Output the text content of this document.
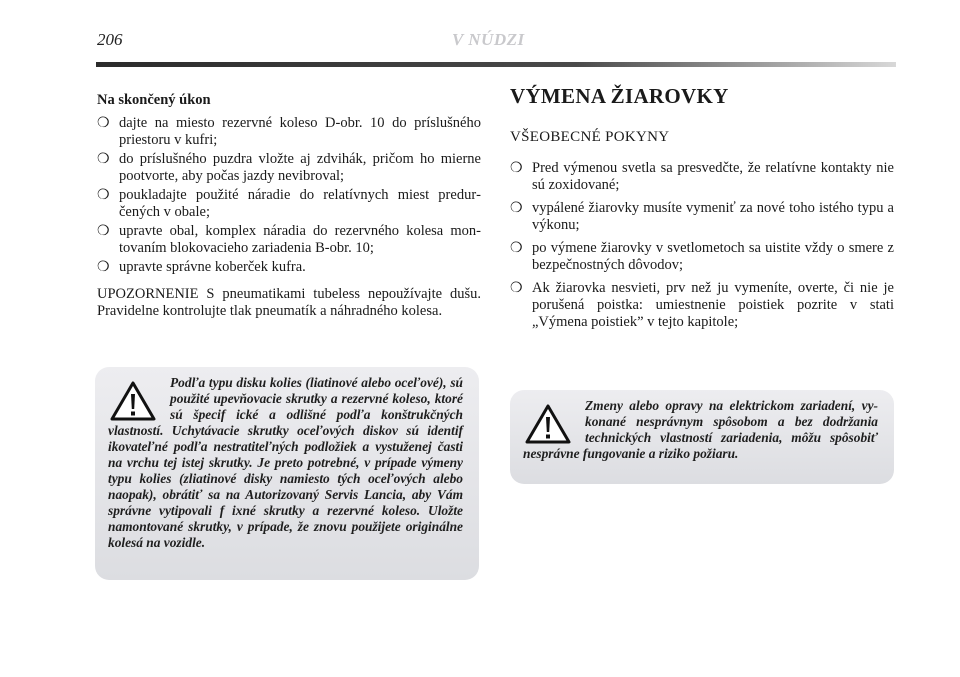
206	V NÚDZI
Na skončený úkon
❍ dajte na miesto rezervné koleso D-obr. 10 do príslušného priestoru v kufri;
❍ do príslušného puzdra vložte aj zdvihák, pričom ho mierne pootvorte, aby počas jazdy nevibroval;
❍ poukladajte použité náradie do relatívnych miest predurčených v obale;
❍ upravte obal, komplex náradia do rezervného kolesa montovaním blokovacieho zariadenia B-obr. 10;
❍ upravte správne koberček kufra.

UPOZORNENIE S pneumatikami tubeless nepoužívajte dušu. Pravidelne kontrolujte tlak pneumatík a náhradného kolesa.

Podľa typu disku kolies (liatinové alebo oceľové), sú použité upevňovacie skrutky a rezervné koleso, ktoré sú špecif ické a odlišné podľa konštrukčných vlastností. Uchytávacie skrutky oceľových diskov sú identif ikovateľné podľa nestratiteľných podložiek a vystuženej časti na vrchu tej istej skrutky. Je preto potrebné, v prípade výmeny typu kolies (zliatinové disky namiesto tých oceľových alebo naopak), obrátiť sa na Autorizovaný Servis Lancia, aby Vám správne vytipovali f ixné skrutky a rezervné koleso. Uložte namontované skrutky, v prípade, že znovu použijete originálne kolesá na vozidle.
VÝMENA ŽIAROVKY
VŠEOBECNÉ POKYNY
❍ Pred výmenou svetla sa presvedčte, že relatívne kontakty nie sú zoxidované;
❍ vypálené žiarovky musíte vymeniť za nové toho istého typu a výkonu;
❍ po výmene žiarovky v svetlometoch sa uistite vždy o smere z bezpečnostných dôvodov;
❍ Ak žiarovka nesvieti, prv než ju vymeníte, overte, či nie je porušená poistka: umiestnenie poistiek pozrite v stati „Výmena poistiek” v tejto kapitole;
Zmeny alebo opravy na elektrickom zariadení, vykonané nesprávnym spôsobom a bez dodržania technických vlastností zariadenia, môžu spôsobiť nesprávne fungovanie a riziko požiaru.
